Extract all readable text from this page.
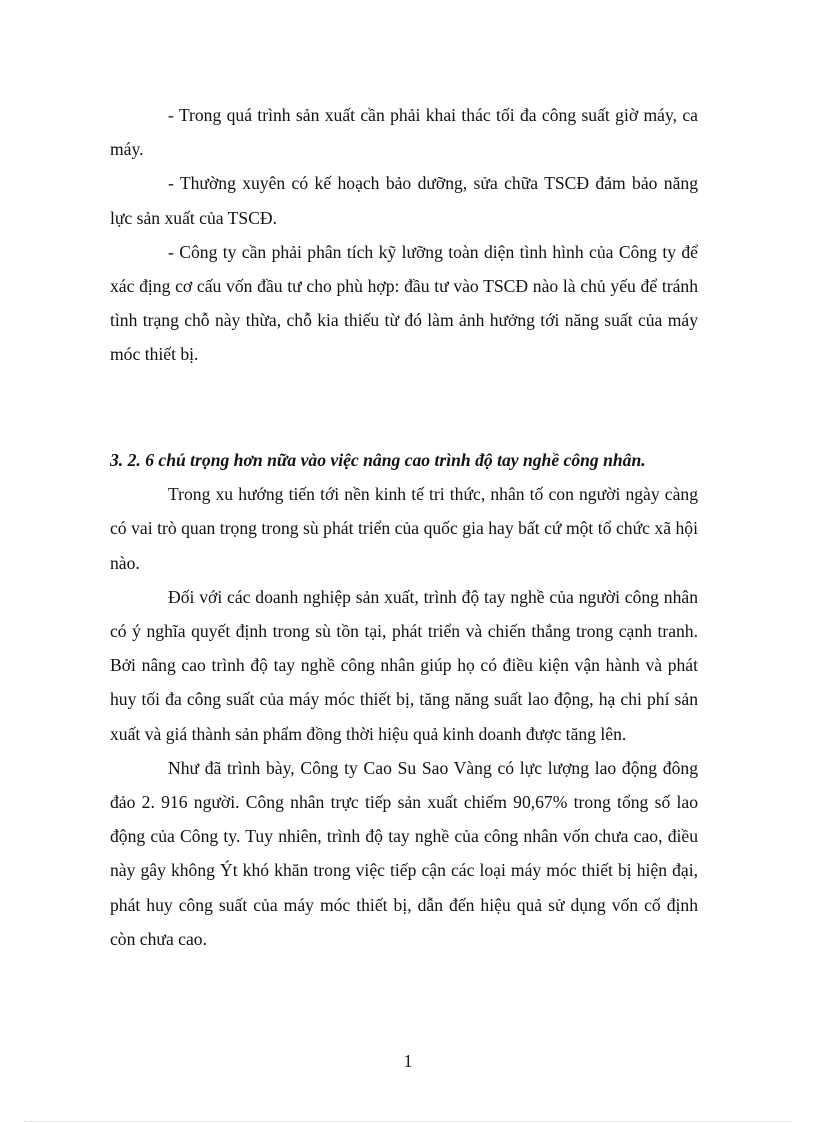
- Trong quá trình sản xuất cần phải khai thác tối đa công suất giờ máy, ca máy.

- Thường xuyên có kế hoạch bảo dưỡng, sửa chữa TSCĐ đảm bảo năng lực sản xuất của TSCĐ.

- Công ty cần phải phân tích kỹ lưỡng toàn diện tình hình của Công ty để xác địng cơ cấu vốn đầu tư cho phù hợp: đầu tư vào TSCĐ nào là chủ yếu để tránh tình trạng chỗ này thừa, chỗ kia thiếu từ đó làm ảnh hưởng tới năng suất của máy móc thiết bị.

3. 2. 6 chú trọng hơn nữa vào việc nâng cao trình độ tay nghề công nhân.

Trong xu hướng tiến tới nền kinh tế tri thức, nhân tố con người ngày càng có vai trò quan trọng trong sù phát triển của quốc gia hay bất cứ một tổ chức xã hội nào.

Đối với các doanh nghiệp sản xuất, trình độ tay nghề của người công nhân có ý nghĩa quyết định trong sù tồn tại, phát triển và chiến thắng trong cạnh tranh. Bởi nâng cao trình độ tay nghề công nhân giúp họ có điều kiện vận hành và phát huy tối đa công suất của máy móc thiết bị, tăng năng suất lao động, hạ chi phí sản xuất và giá thành sản phẩm đồng thời hiệu quả kinh doanh được tăng lên.

Như đã trình bày, Công ty Cao Su Sao Vàng có lực lượng lao động đông đảo 2. 916 người. Công nhân trực tiếp sản xuất chiếm 90,67% trong tổng số lao động của Công ty. Tuy nhiên, trình độ tay nghề của công nhân vốn chưa cao, điều này gây không Ýt khó khăn trong việc tiếp cận các loại máy móc thiết bị hiện đại, phát huy công suất của máy móc thiết bị, dẫn đến hiệu quả sử dụng vốn cố định còn chưa cao.

1
